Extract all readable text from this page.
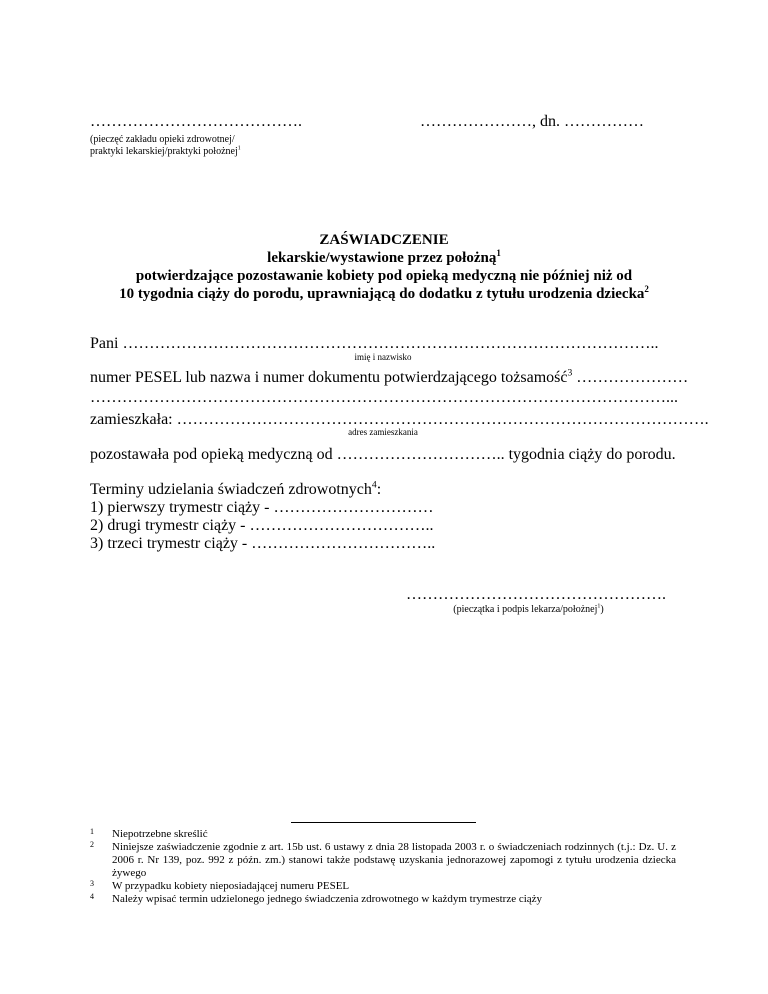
………………………………….	…………………, dn. ……………
(pieczęć zakładu opieki zdrowotnej/
praktyki lekarskiej/praktyki położnej$^1$
ZAŚWIADCZENIE
lekarskie/wystawione przez położną$^1$
potwierdzające pozostawanie kobiety pod opieką medyczną nie później niż od
10 tygodnia ciąży do porodu, uprawniającą do dodatku z tytułu urodzenia dziecka$^2$
Pani ………………………………………………………………………………………..
imię i nazwisko
numer PESEL lub nazwa i numer dokumentu potwierdzającego tożsamość$^3$ …………………
………………………………………………………………………………………………...
zamieszkała: ……………………………………………………………………………………….
adres zamieszkania
pozostawała pod opieką medyczną od ………………………….. tygodnia ciąży do porodu.
Terminy udzielania świadczeń zdrowotnych$^4$:
1) pierwszy trymestr ciąży - …………………………
2) drugi trymestr ciąży - ……………………………..
3) trzeci trymestr ciąży - ……………………………..
………………………………………….
(pieczątka i podpis lekarza/położnej$^1$)
1 Niepotrzebne skreślić
2 Niniejsze zaświadczenie zgodnie z art. 15b ust. 6 ustawy z dnia 28 listopada 2003 r. o świadczeniach rodzinnych (t.j.: Dz. U. z 2006 r. Nr 139, poz. 992 z późn. zm.) stanowi także podstawę uzyskania jednorazowej zapomogi z tytułu urodzenia dziecka żywego
3 W przypadku kobiety nieposiadającej numeru PESEL
4 Należy wpisać termin udzielonego jednego świadczenia zdrowotnego w każdym trymestrze ciąży
